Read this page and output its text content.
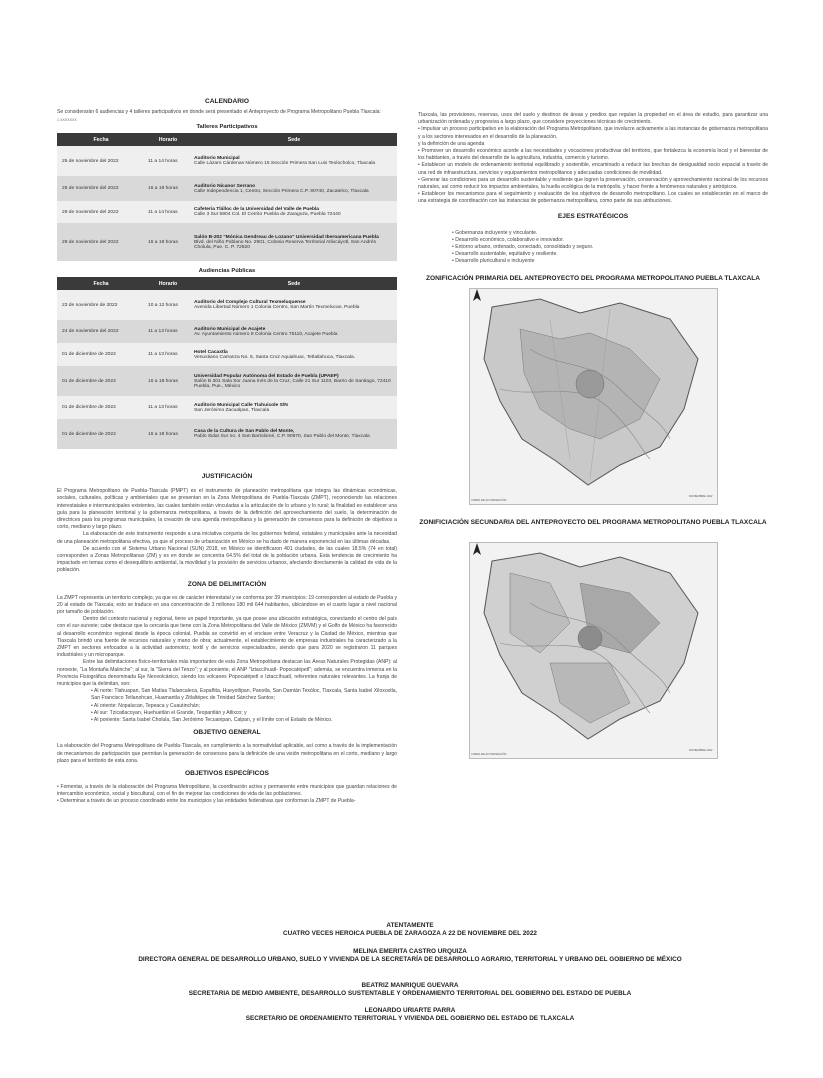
CALENDARIO

Se considerarán 6 audiencias y 4 talleres participativos en donde será presentado el Anteproyecto de Programa Metropolitano Puebla Tlaxcala:

1 XXXXXXX

Talleres Participativos

Fecha	Horario	Sede
25 de noviembre del 2022	11 a 14 horas	Auditorio Municipal
Calle Lázaro Cárdenas Número 15 Sección Primera San Luis Teolocholco, Tlaxcala
25 de noviembre del 2022	16 a 19 horas	Auditorio Nicanor Serrano
Calle Independencia 1, Centro, Sección Primera C.P. 90740, Zacatelco, Tlaxcala
29 de noviembre del 2022	11 a 14 horas	Cafetería Tlálloc de la Universidad del Valle de Puebla
Calle 3 Sur 5904 Col. El Cerrito Puebla de Zaragoza, Puebla 72440
29 de noviembre del 2022	16 a 19 horas	Salón B-202 "Mónica Gendreau de Lozano" Universidad Iberoamericana Puebla
Blvd. del Niño Poblano No. 2901, Colonia Reserva Territorial Atlixcáyotl, San Andrés Cholula, Pue. C. P. 72820

Audiencias Públicas

Fecha	Horario	Sede
23 de noviembre de 2022	10 a 12 horas	Auditorio del Complejo Cultural Texmeluquense
Avenida Libertad Número 1 Colonia Centro, San Martín Texmelucan, Puebla
24 de noviembre del 2022	11 a 13 horas	Auditorio Municipal de Acajete
Av. Ayuntamiento número 8 Colonia Centro 75110, Acajete Puebla
01 de diciembre de 2022	11 a 13 horas	Hotel Cacaxtla
Venustiano Carranza No. 5, Santa Cruz Aquiahuac, Tetlatlahuca, Tlaxcala.
01 de diciembre de 2022	16 a 18 horas	Universidad Popular Autónoma del Estado de Puebla (UPAEP)
Salón B 301 Sala Sor Juana Inés de la Cruz, Calle 21 Sur 1103, Barrio de Santiago, 72410 Puebla, Pue., México
01 de diciembre de 2022	11 a 13 horas	Auditorio Municipal Calle Tlahuicole S/N
San Jerónimo Zacualpan, Tlaxcala
01 de diciembre de 2022	16 a 18 horas	Casa de la Cultura de San Pablo del Monte,
Pablo Sidar Sur no. 4 San Bartolomé, C.P. 90970, San Pablo del Monte, Tlaxcala

JUSTIFICACIÓN

El Programa Metropolitano de Puebla-Tlaxcala (PMPT) es el instrumento de planeación metropolitana que integra las dinámicas económicas, sociales, culturales, políticas y ambientales que se presentan en la Zona Metropolitana de Puebla-Tlaxcala (ZMPT), reconociendo las relaciones interestatales e intermunicipales existentes, las cuales también están vinculadas a la articulación de lo urbano y lo rural; la finalidad es establecer una guía para la planeación territorial y la gobernanza metropolitana, a través de la definición del aprovechamiento del suelo, la determinación de directrices para los programas municipales, la creación de una agenda metropolitana y la generación de consensos para la definición de objetivos a corto, mediano y largo plazo.

La elaboración de este instrumento responde a una iniciativa conjunta de los gobiernos federal, estatales y municipales ante la necesidad de una planeación metropolitana efectiva, ya que el proceso de urbanización en México se ha dado de manera exponencial en las últimas décadas.

De acuerdo con el Sistema Urbano Nacional (SUN) 2018, en México se identificaron 401 ciudades, de las cuales 18.5% (74 en total) corresponden a Zonas Metropolitanas (ZM) y es en donde se concentra 64.5% del total de la población urbana. Esta tendencia de crecimiento ha impactado en temas como el desequilibrio ambiental, la movilidad y la provisión de servicios urbanos, afectando directamente la calidad de vida de la población.

ZONA DE DELIMITACIÓN

La ZMPT representa un territorio complejo, ya que es de carácter interestatal y se conforma por 39 municipios: 19 corresponden al estado de Puebla y 20 al estado de Tlaxcala; esto se traduce en una concentración de 3 millones 180 mil 644 habitantes, ubicándose en el cuarto lugar a nivel nacional por tamaño de población.

Dentro del contexto nacional y regional, tiene un papel importante, ya que posee una ubicación estratégica, conectando el centro del país con el sur-sureste; cabe destacar que la cercanía que tiene con la Zona Metropolitana del Valle de México (ZMVM) y el Golfo de México ha favorecido al desarrollo económico regional desde la época colonial, Puebla se convirtió en el enclave entre Veracruz y la Ciudad de México, mientras que Tlaxcala brindó una fuente de recursos naturales y mano de obra; actualmente, el establecimiento de empresas industriales ha caracterizado a la ZMPT en sectores enfocados a la actividad automotriz, textil y de servicios especializados, siendo que para 2020 se registraron 11 parques industriales y un microparque.

Entre las delimitaciones físico-territoriales más importantes de esta Zona Metropolitana destacan las Áreas Naturales Protegidas (ANP): al noroeste, "La Montaña Malinche"; al sur, la "Sierra del Tenzo"; y al poniente, el ANP "Iztaccíhuatl- Popocatépetl"; además, se encuentra inmersa en la Provincia Fisiográfica denominada Eje Neovolcánico, siendo los volcanes Popocatépetl e Iztaccíhuatl, referentes naturales relevantes. La franja de municipios que la delimitan, son:

• Al norte: Tlahuapan, San Matías Tlalancaleca, Españita, Hueyotlipan, Panotla, San Damián Texóloc, Tlaxcala, Santa Isabel Xiloxoxtla, San Francisco Tetlanohcan, Huamantla y Zitlaltépec de Trinidad Sánchez Santos;

• Al oriente: Nopalucan, Tepeaca y Cuautinchán;

• Al sur: Tzicatlacoyan, Huehuetlán el Grande, Teopantlán y Atlixco; y

• Al poniente: Santa Isabel Cholula, San Jerónimo Tecuanipan, Calpan, y el límite con el Estado de México.

OBJETIVO GENERAL

La elaboración del Programa Metropolitano de Puebla-Tlaxcala, en cumplimiento a la normatividad aplicable, así como a través de la implementación de mecanismos de participación que permitan la generación de consensos para la definición de una visión metropolitana en el corto, mediano y largo plazo para el territorio de esta zona.

OBJETIVOS ESPECÍFICOS

• Fomentar, a través de la elaboración del Programa Metropolitano, la coordinación activa y permanente entre municipios que guardan relaciones de intercambio económico, social y biocultural, con el fin de mejorar las condiciones de vida de las poblaciones.

• Determinar a través de un proceso coordinado entre los municipios y las entidades federativas que conforman la ZMPT de Puebla-

Tlaxcala, las provisiones, reservas, usos del suelo y destinos de áreas y predios que regulan la propiedad en el área de estudio, para garantizar una urbanización ordenada y progresiva a largo plazo, que considere proyecciones técnicas de crecimiento.

• Impulsar un proceso participativo en la elaboración del Programa Metropolitano, que involucre activamente a las instancias de gobernanza metropolitana y a los sectores interesados en el desarrollo de la planeación.

y la definición de una agenda

• Promover un desarrollo económico acorde a las necesidades y vocaciones productivas del territorio, que fortalezca la economía local y el bienestar de los habitantes, a través del desarrollo de la agricultura, industria, comercio y turismo.

• Establecer un modelo de ordenamiento territorial equilibrado y sostenible, encaminado a reducir las brechas de desigualdad socio espacial a través de una red de infraestructura, servicios y equipamientos metropolitanos y adecuadas condiciones de movilidad.

• Generar las condiciones para un desarrollo sustentable y resiliente que logren la preservación, conservación y aprovechamiento racional de los recursos naturales, así como reducir los impactos ambientales, la huella ecológica de la metrópolis, y hacer frente a fenómenos naturales y antrópicos.

• Establecer los mecanismos para el seguimiento y evaluación de los objetivos de desarrollo metropolitano. Los cuales se establecerán en el marco de una estrategia de coordinación con las instancias de gobernanza metropolitana, como parte de sus atribuciones.

EJES ESTRATÉGICOS

• Gobernanza incluyente y vinculante.

• Desarrollo económico, colaborativo e innovador.

• Entorno urbano, ordenado, conectado, consolidado y seguro.

• Desarrollo sustentable, equitativo y resiliente.

• Desarrollo pluricultural e incluyente

ZONIFICACIÓN PRIMARIA DEL ANTEPROYECTO DEL PROGRAMA METROPOLITANO PUEBLA TLAXCALA

FIRMA DE AUTORIZACIÓN
NOVIEMBRE 2022

ZONIFICIACIÓN SECUNDARIA DEL ANTEPROYECTO DEL PROGRAMA METROPOLITANO PUEBLA TLAXCALA

FIRMA DE AUTORIZACIÓN
NOVIEMBRE 2022
ATENTAMENTE
CUATRO VECES HEROICA PUEBLA DE ZARAGOZA A 22 DE NOVIEMBRE DEL 2022
MELINA EMERITA CASTRO URQUIZA
DIRECTORA GENERAL DE DESARROLLO URBANO, SUELO Y VIVIENDA DE LA SECRETARÍA DE DESARROLLO AGRARIO, TERRITORIAL Y URBANO DEL GOBIERNO DE MÉXICO
BEATRIZ MANRIQUE GUEVARA
SECRETARIA DE MEDIO AMBIENTE, DESARROLLO SUSTENTABLE Y ORDENAMIENTO TERRITORIAL DEL GOBIERNO DEL ESTADO DE PUEBLA
LEONARDO URIARTE PARRA
SECRETARIO DE ORDENAMIENTO TERRITORIAL Y VIVIENDA DEL GOBIERNO DEL ESTADO DE TLAXCALA
